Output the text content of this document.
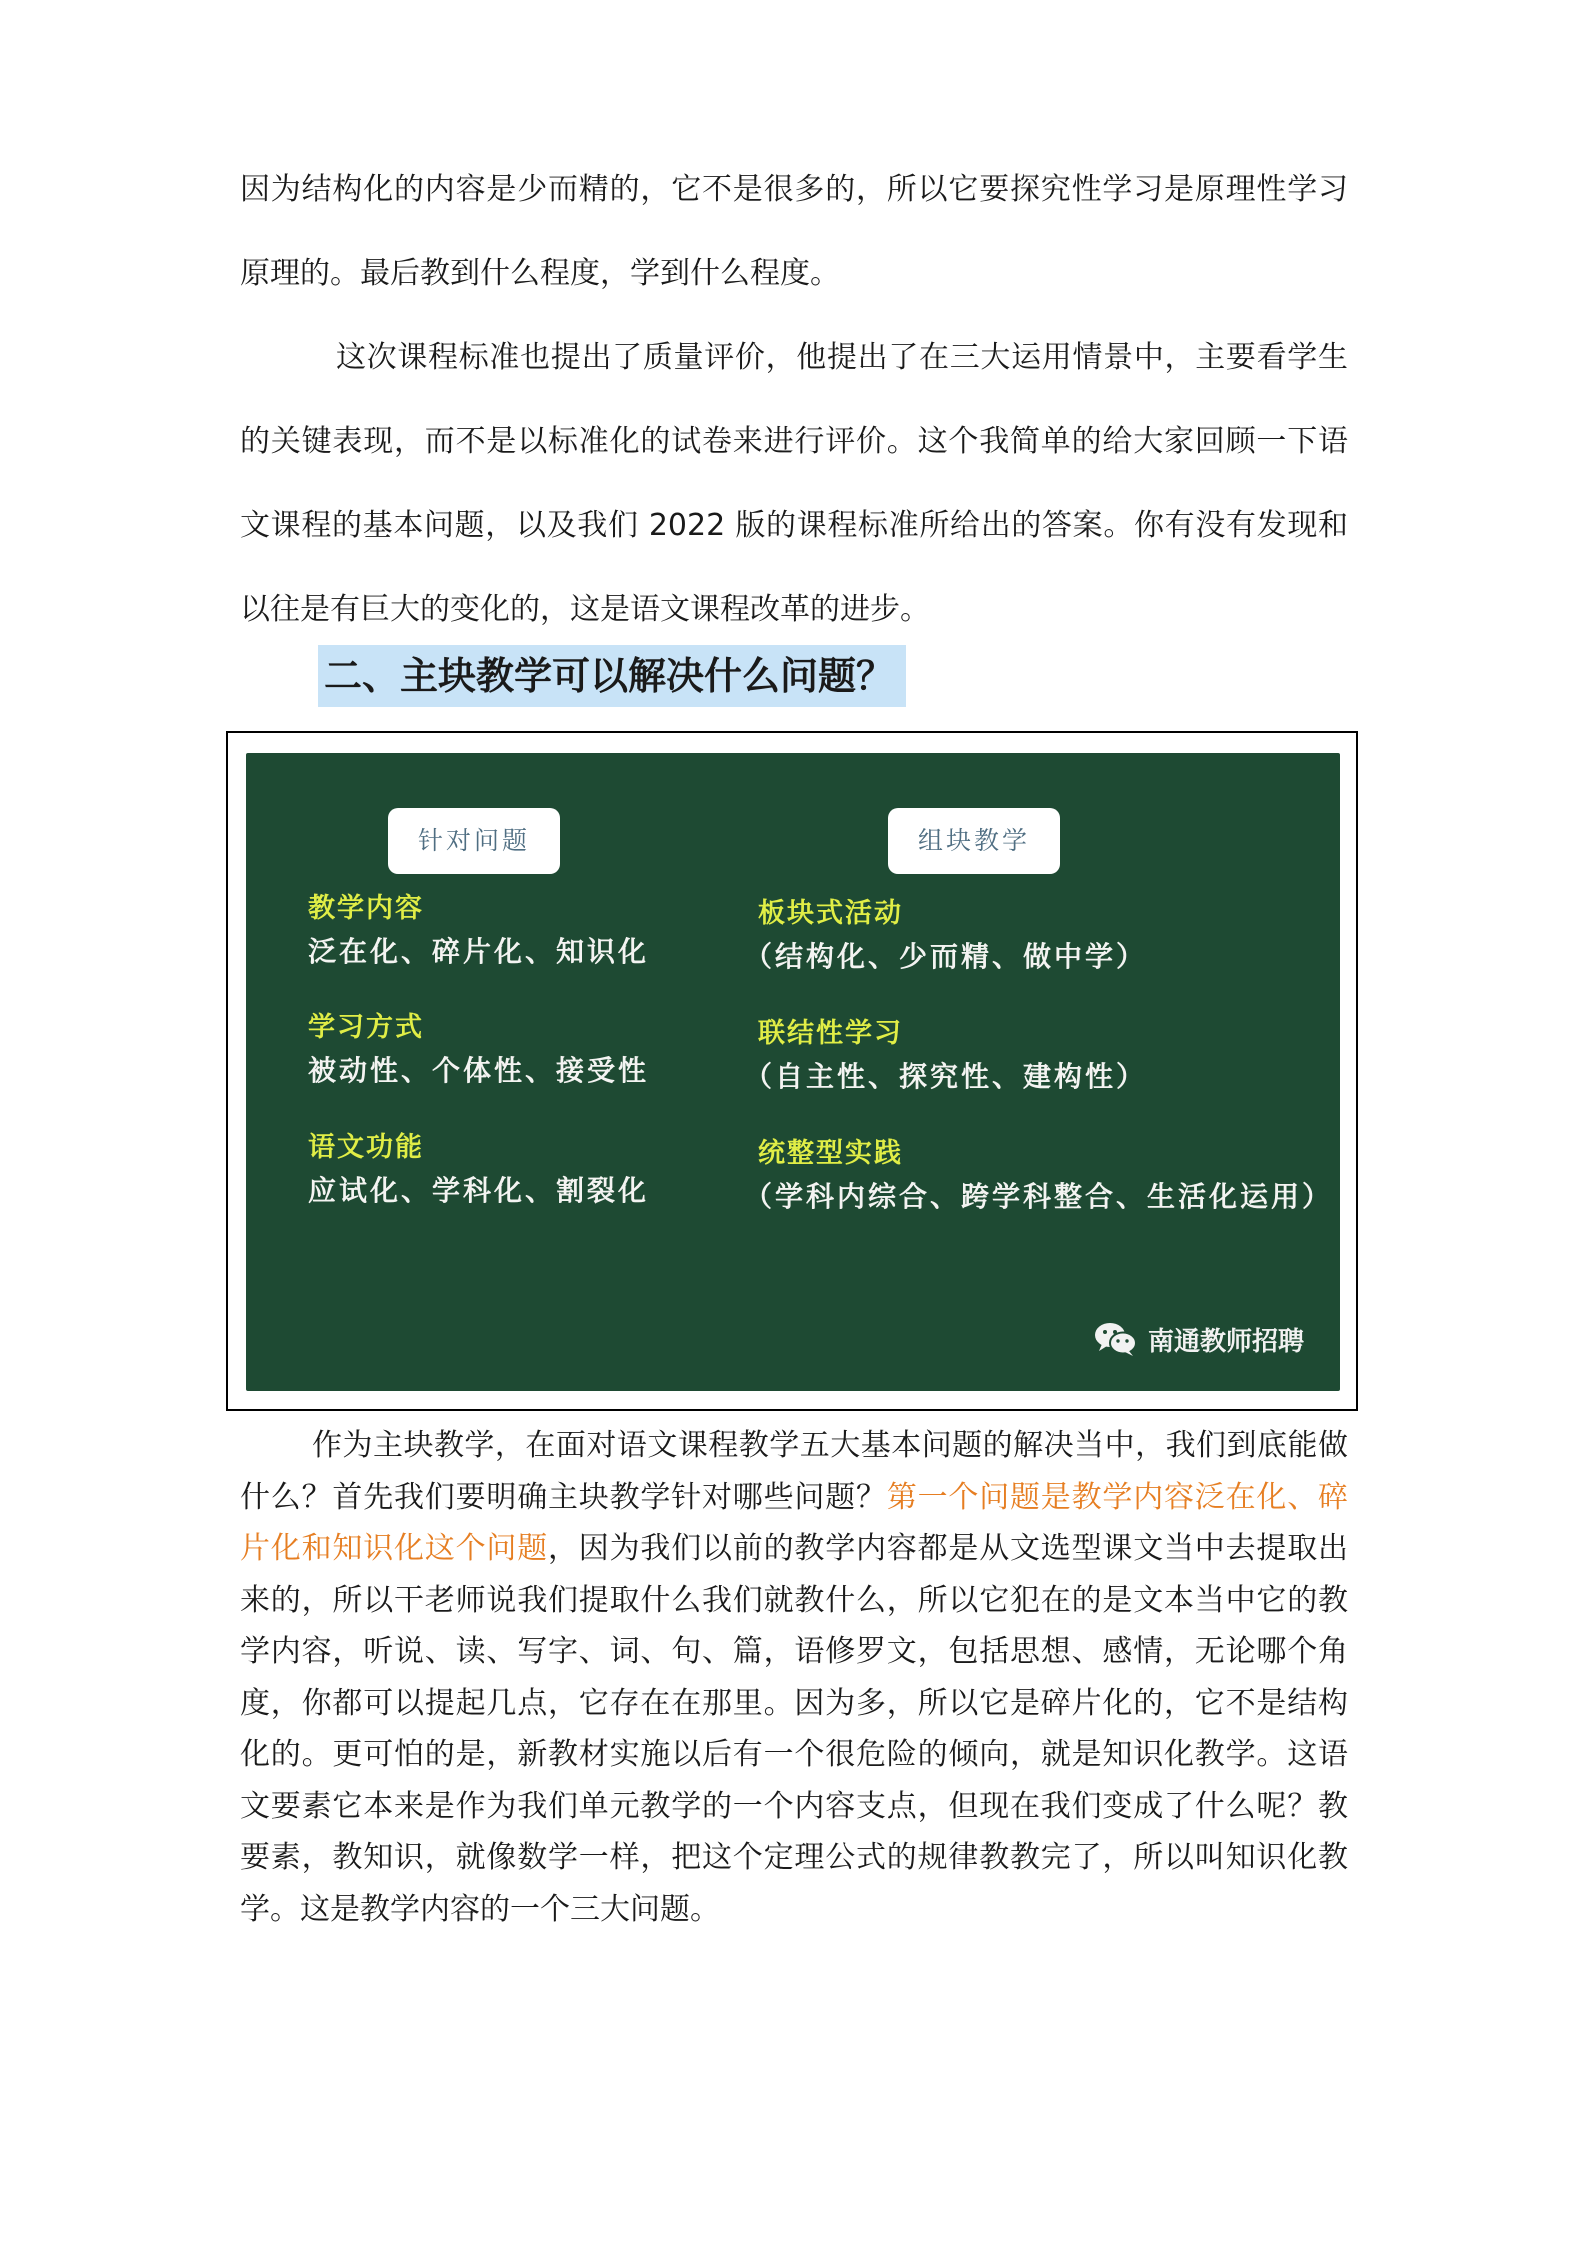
因为结构化的内容是少而精的，它不是很多的，所以它要探究性学习是原理性学习原理的。最后教到什么程度，学到什么程度。

这次课程标准也提出了质量评价，他提出了在三大运用情景中，主要看学生的关键表现，而不是以标准化的试卷来进行评价。这个我简单的给大家回顾一下语文课程的基本问题，以及我们 2022 版的课程标准所给出的答案。你有没有发现和以往是有巨大的变化的，这是语文课程改革的进步。

二、主块教学可以解决什么问题？
针对问题	组块教学
教学内容
泛在化、碎片化、知识化
学习方式
被动性、个体性、接受性
语文功能
应试化、学科化、割裂化
板块式活动
（结构化、少而精、做中学）
联结性学习
（自主性、探究性、建构性）
统整型实践
（学科内综合、跨学科整合、生活化运用）
南通教师招聘

作为主块教学，在面对语文课程教学五大基本问题的解决当中，我们到底能做什么？首先我们要明确主块教学针对哪些问题？第一个问题是教学内容泛在化、碎片化和知识化这个问题，因为我们以前的教学内容都是从文选型课文当中去提取出来的，所以干老师说我们提取什么我们就教什么，所以它犯在的是文本当中它的教学内容，听说、读、写字、词、句、篇，语修罗文，包括思想、感情，无论哪个角度，你都可以提起几点，它存在在那里。因为多，所以它是碎片化的，它不是结构化的。更可怕的是，新教材实施以后有一个很危险的倾向，就是知识化教学。这语文要素它本来是作为我们单元教学的一个内容支点，但现在我们变成了什么呢？教要素，教知识，就像数学一样，把这个定理公式的规律教教完了，所以叫知识化教学。这是教学内容的一个三大问题。
